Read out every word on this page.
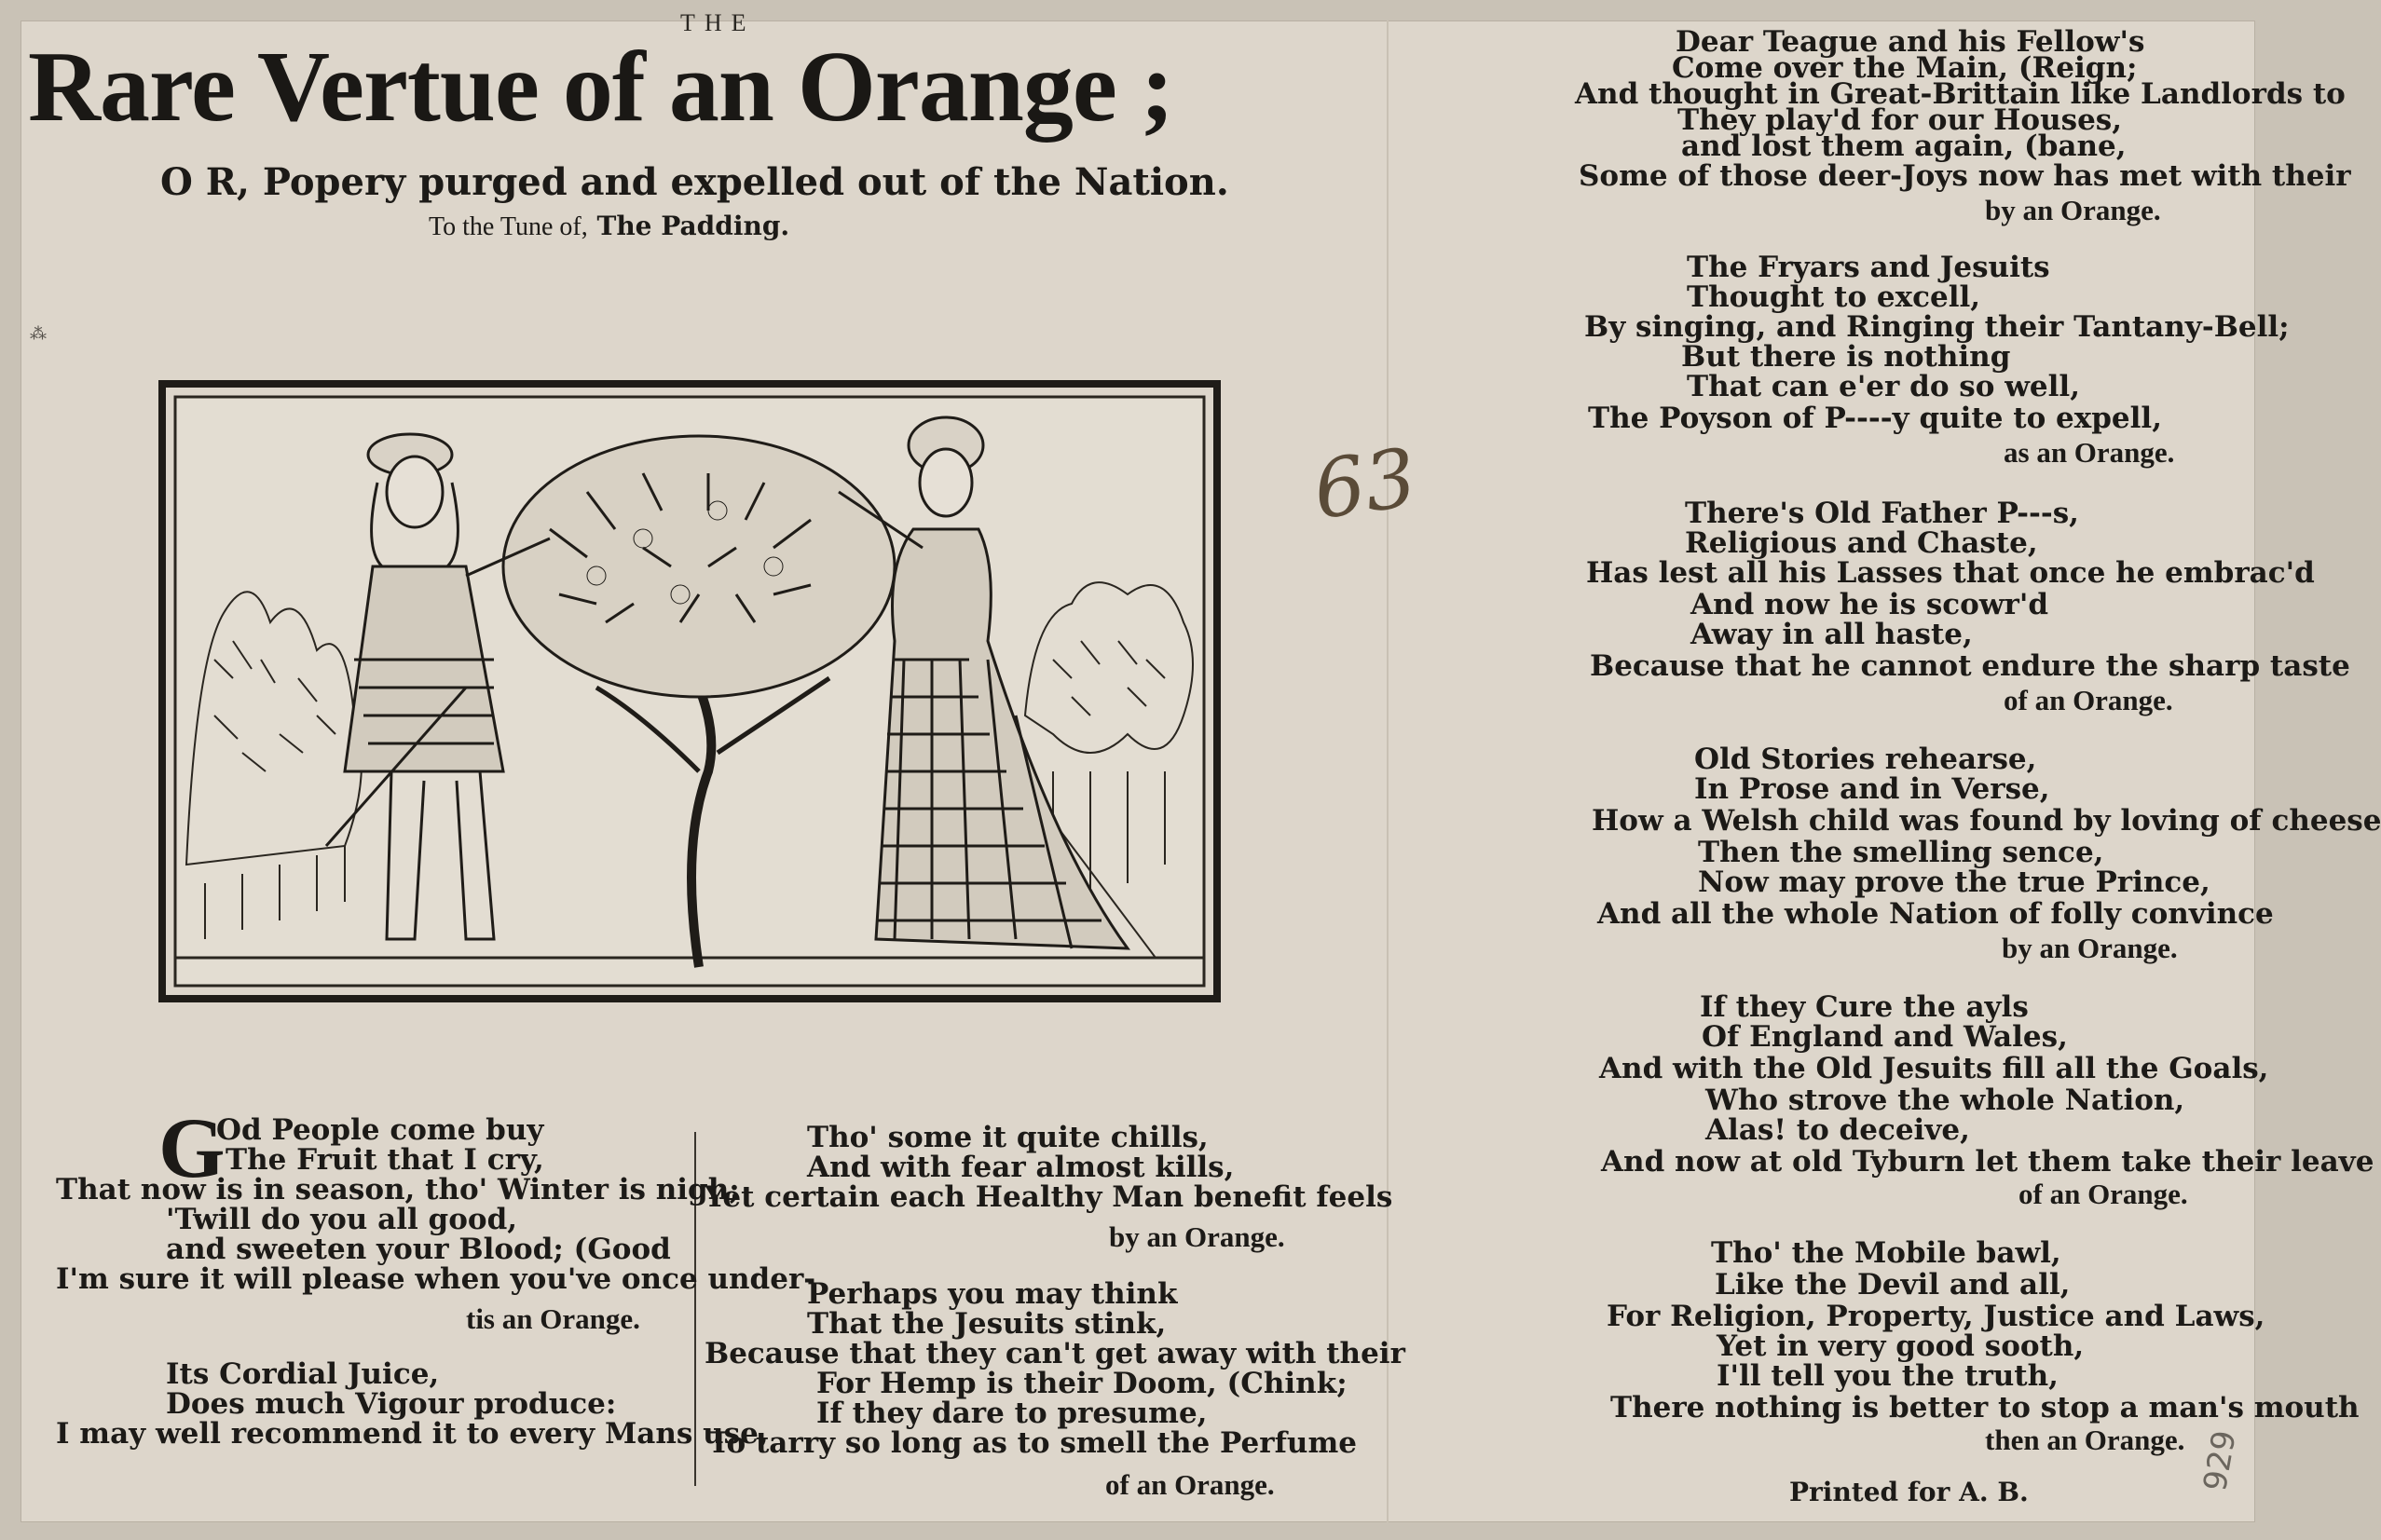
⁂
THE
Rare Vertue of an Orange ;
O R, Popery purged and expelled out of the Nation.
To the Tune of, The Padding.
63
G
Od People come buy
The Fruit that I cry,
That now is in season, tho' Winter is nigh;
'Twill do you all good,
and sweeten your Blood; (Good
I'm sure it will please when you've once under-
tis an Orange.
Its Cordial Juice,
Does much Vigour produce:
I may well recommend it to every Mans use,
Tho' some it quite chills,
And with fear almost kills,
Yet certain each Healthy Man benefit feels
by an Orange.
Perhaps you may think
That the Jesuits stink,
Because that they can't get away with their
For Hemp is their Doom, (Chink;
If they dare to presume,
To tarry so long as to smell the Perfume
of an Orange.
Dear Teague and his Fellow's
Come over the Main, (Reign;
And thought in Great-Brittain like Landlords to
They play'd for our Houses,
and lost them again, (bane,
Some of those deer-Joys now has met with their
by an Orange.
The Fryars and Jesuits
Thought to excell,
By singing, and Ringing their Tantany-Bell;
But there is nothing
That can e'er do so well,
The Poyson of P----y quite to expell,
as an Orange.
There's Old Father P---s,
Religious and Chaste,
Has lest all his Lasses that once he embrac'd
And now he is scowr'd
Away in all haste,
Because that he cannot endure the sharp taste
of an Orange.
Old Stories rehearse,
In Prose and in Verse,
How a Welsh child was found by loving of cheese
Then the smelling sence,
Now may prove the true Prince,
And all the whole Nation of folly convince
by an Orange.
If they Cure the ayls
Of England and Wales,
And with the Old Jesuits fill all the Goals,
Who strove the whole Nation,
Alas! to deceive,
And now at old Tyburn let them take their leave
of an Orange.
Tho' the Mobile bawl,
Like the Devil and all,
For Religion, Property, Justice and Laws,
Yet in very good sooth,
I'll tell you the truth,
There nothing is better to stop a man's mouth
then an Orange.
Printed for A. B.	929
